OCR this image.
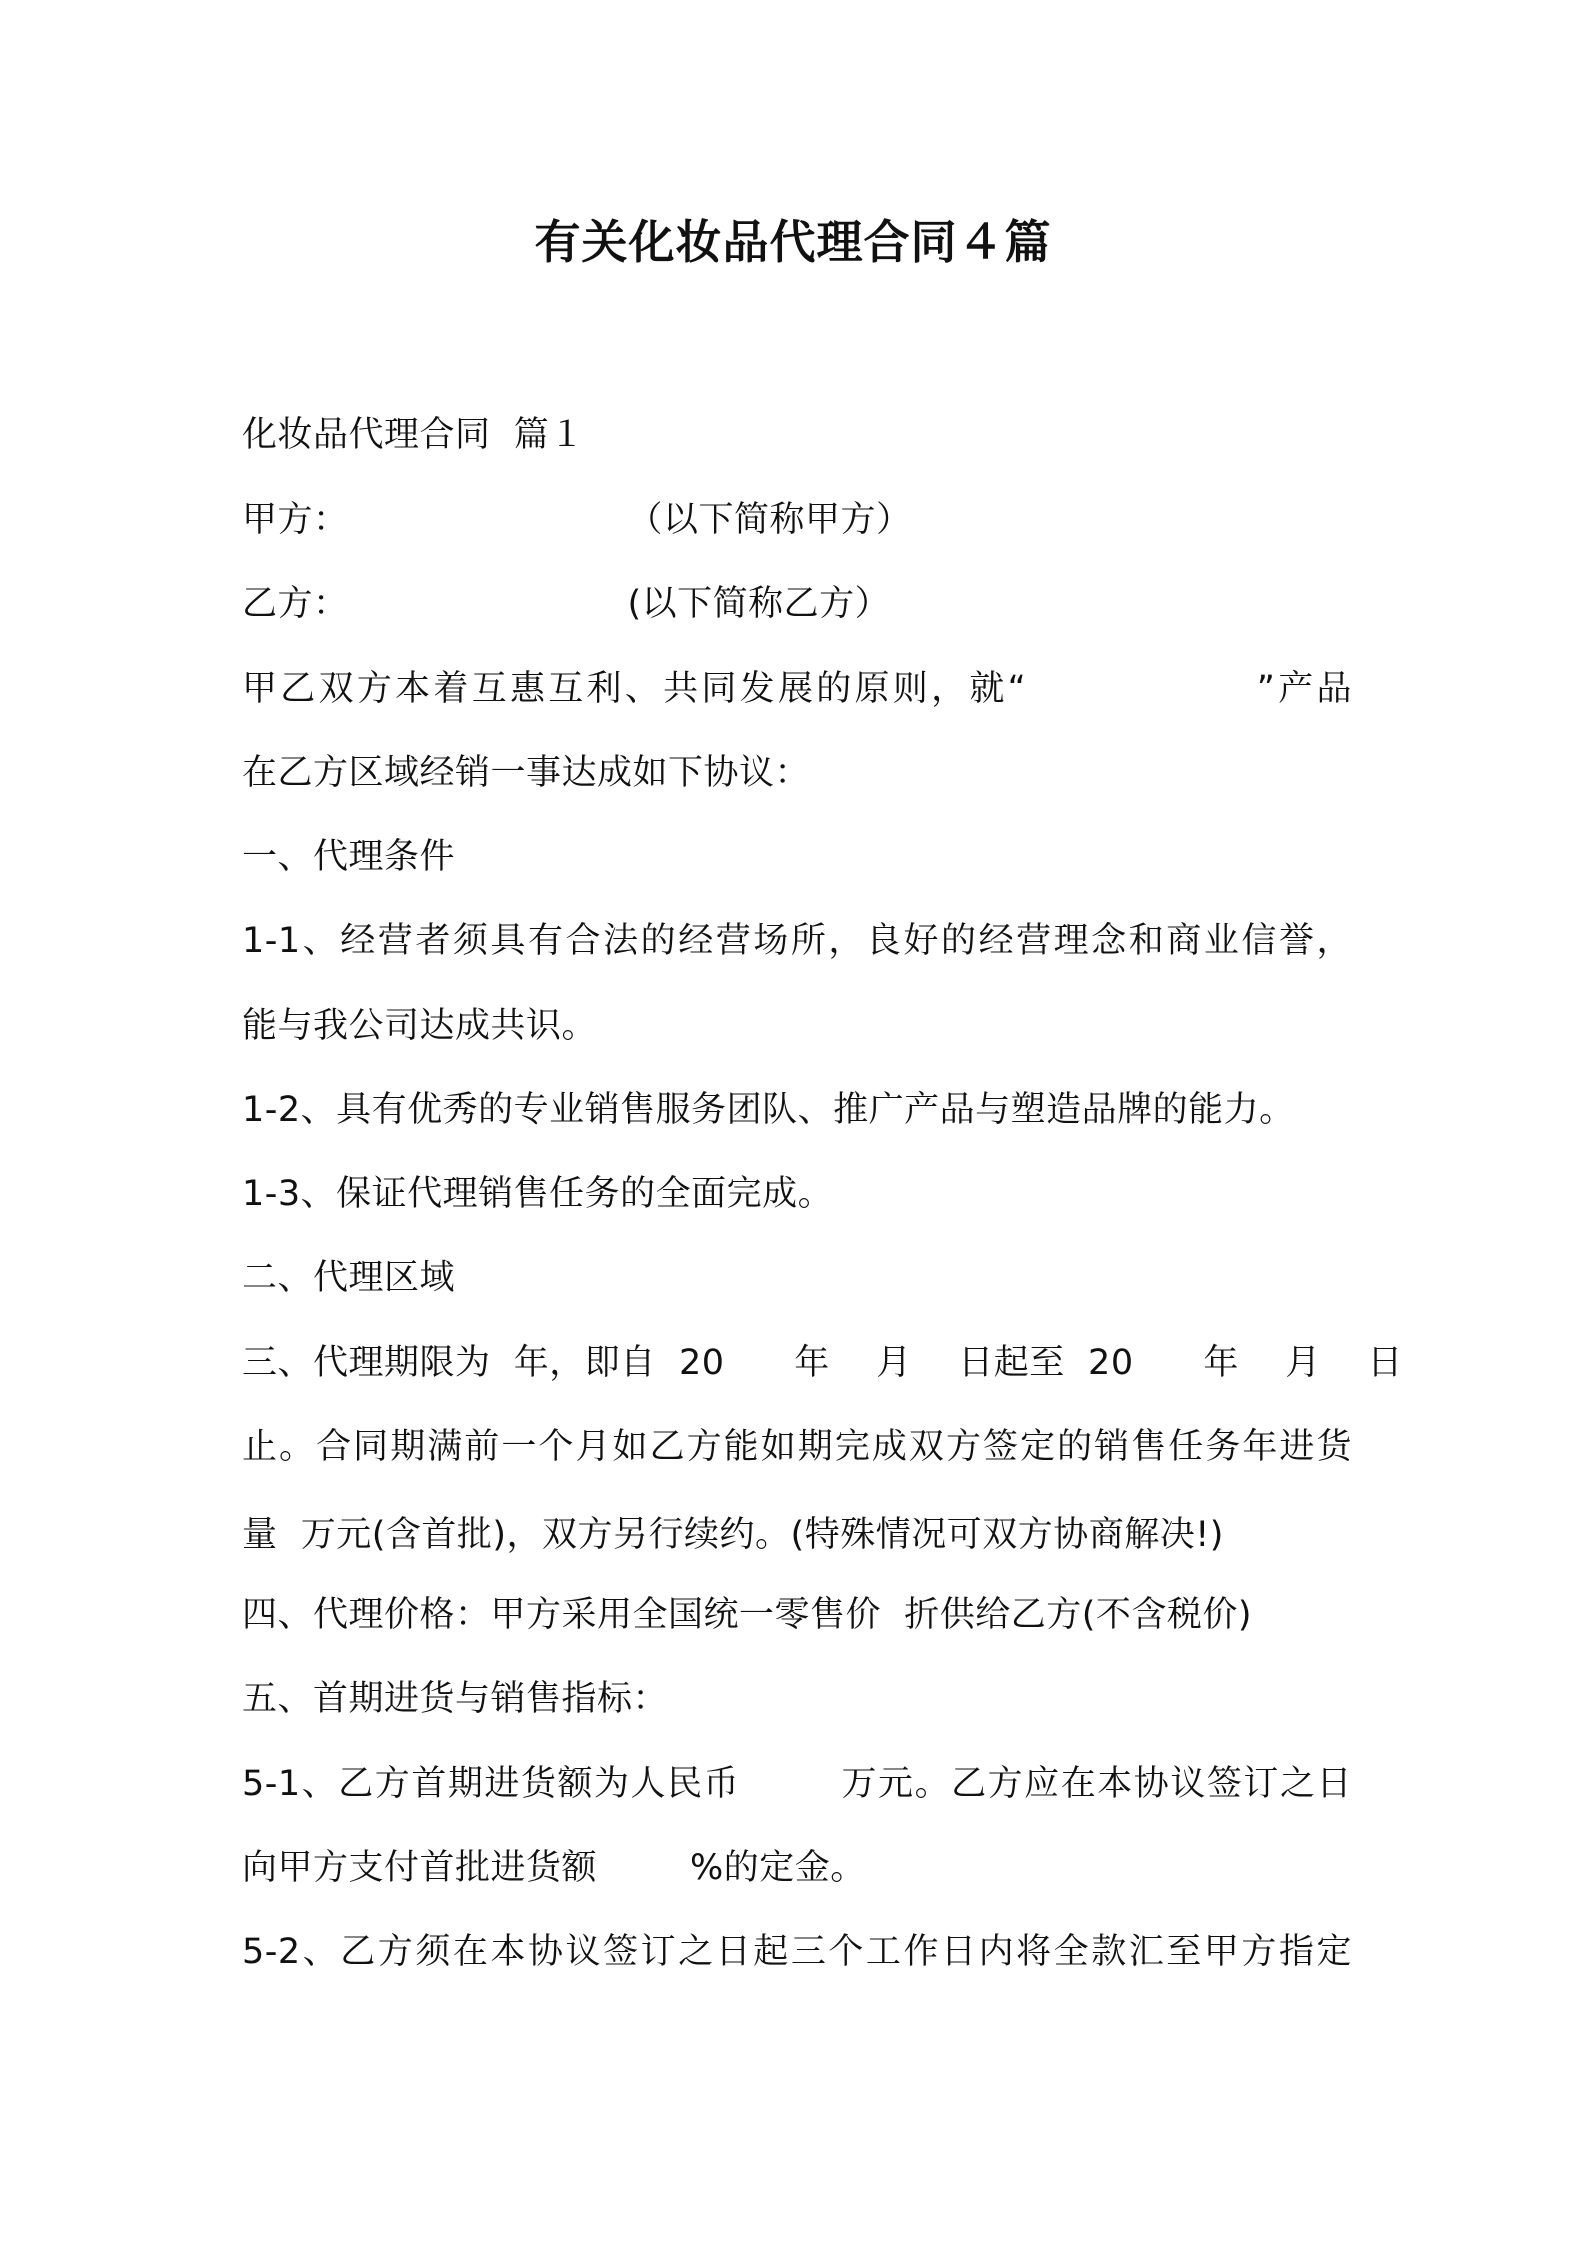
有关化妆品代理合同４篇
化妆品代理合同  篇１
甲方：                        （以下简称甲方）
乙方：                        (以下简称乙方）
甲乙双方本着互惠互利、共同发展的原则，就“                ”产品
在乙方区域经销一事达成如下协议：
一、代理条件
1-1、经营者须具有合法的经营场所，良好的经营理念和商业信誉，
能与我公司达成共识。
1-2、具有优秀的专业销售服务团队、推广产品与塑造品牌的能力。
1-3、保证代理销售任务的全面完成。
二、代理区域
三、代理期限为  年，即自  20      年    月    日起至  20      年    月    日
止。合同期满前一个月如乙方能如期完成双方签定的销售任务年进货
量  万元(含首批)，双方另行续约。(特殊情况可双方协商解决!)
四、代理价格：甲方采用全国统一零售价  折供给乙方(不含税价)
五、首期进货与销售指标：
5-1、乙方首期进货额为人民币        万元。乙方应在本协议签订之日
向甲方支付首批进货额        %的定金。
5-2、乙方须在本协议签订之日起三个工作日内将全款汇至甲方指定
